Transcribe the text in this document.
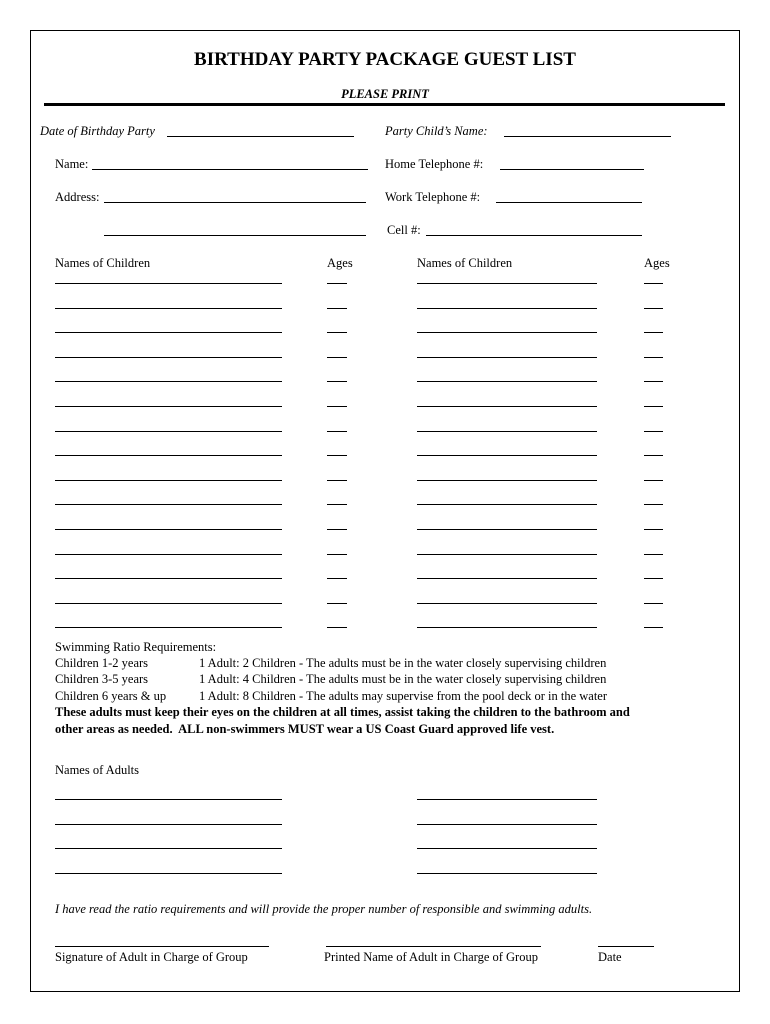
BIRTHDAY PARTY PACKAGE GUEST LIST
PLEASE PRINT
Date of Birthday Party	Party Child’s Name:
Name:	Home Telephone #:
Address:	Work Telephone #:
Cell #:
Names of Children	Ages	Names of Children	Ages
Swimming Ratio Requirements:
Children 1-2 years	1 Adult: 2 Children - The adults must be in the water closely supervising children
Children 3-5 years	1 Adult: 4 Children - The adults must be in the water closely supervising children
Children 6 years & up	1 Adult: 8 Children - The adults may supervise from the pool deck or in the water
These adults must keep their eyes on the children at all times, assist taking the children to the bathroom and
other areas as needed.  ALL non-swimmers MUST wear a US Coast Guard approved life vest.
Names of Adults
I have read the ratio requirements and will provide the proper number of responsible and swimming adults.
Signature of Adult in Charge of Group	Printed Name of Adult in Charge of Group	Date
